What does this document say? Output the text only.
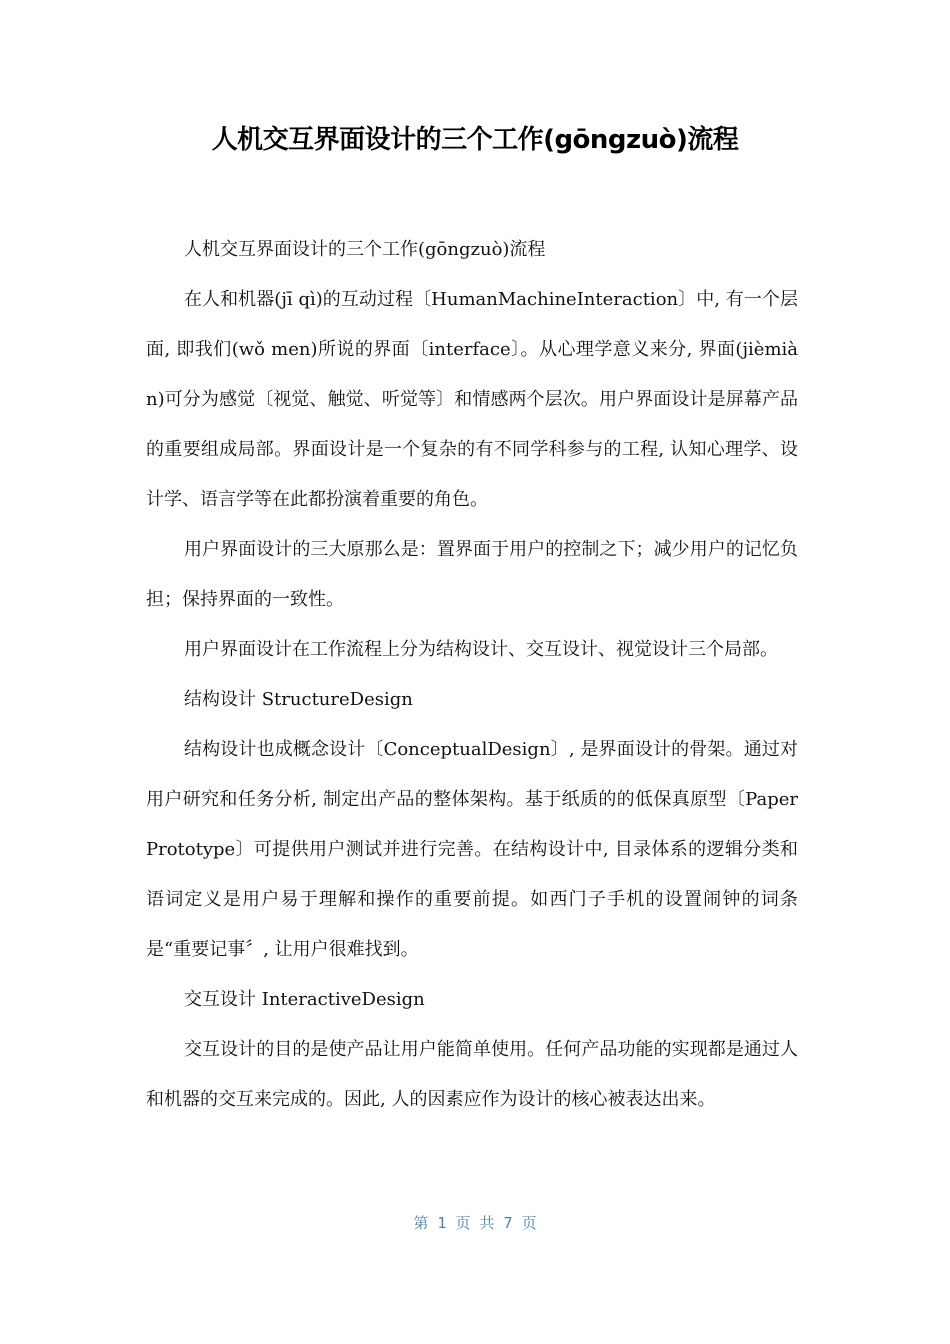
人机交互界面设计的三个工作(gōngzuò)流程

人机交互界面设计的三个工作(gōngzuò)流程

在人和机器(jī qì)的互动过程〔HumanMachineInteraction〕中, 有一个层面, 即我们(wǒ men)所说的界面〔interface〕。从心理学意义来分, 界面(jièmiàn)可分为感觉〔视觉、触觉、听觉等〕和情感两个层次。用户界面设计是屏幕产品的重要组成局部。界面设计是一个复杂的有不同学科参与的工程, 认知心理学、设计学、语言学等在此都扮演着重要的角色。

用户界面设计的三大原那么是：置界面于用户的控制之下；减少用户的记忆负担；保持界面的一致性。

用户界面设计在工作流程上分为结构设计、交互设计、视觉设计三个局部。

结构设计 StructureDesign

结构设计也成概念设计〔ConceptualDesign〕, 是界面设计的骨架。通过对用户研究和任务分析, 制定出产品的整体架构。基于纸质的的低保真原型〔PaperPrototype〕可提供用户测试并进行完善。在结构设计中, 目录体系的逻辑分类和语词定义是用户易于理解和操作的重要前提。如西门子手机的设置闹钟的词条是“重要记事〞, 让用户很难找到。

交互设计 InteractiveDesign

交互设计的目的是使产品让用户能简单使用。任何产品功能的实现都是通过人和机器的交互来完成的。因此, 人的因素应作为设计的核心被表达出来。

第 1 页 共 7 页
